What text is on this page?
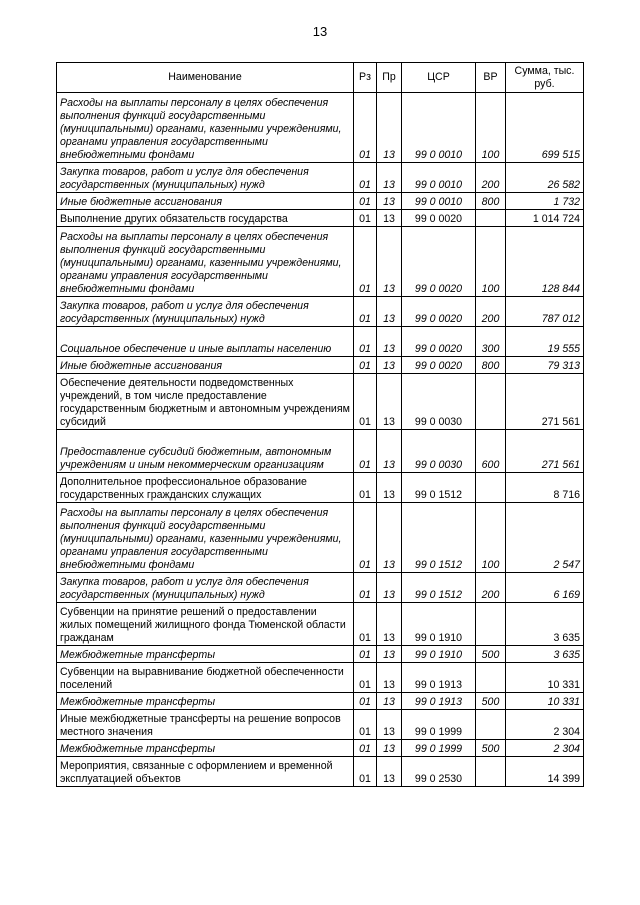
13
Наименование	Рз	Пр	ЦСР	ВР	Сумма, тыс. руб.
Расходы на выплаты персоналу в целях обеспечения выполнения функций государственными (муниципальными) органами, казенными учреждениями, органами управления государственными внебюджетными фондами	01	13	99 0 0010	100	699 515
Закупка товаров, работ и услуг для обеспечения государственных (муниципальных) нужд	01	13	99 0 0010	200	26 582
Иные бюджетные ассигнования	01	13	99 0 0010	800	1 732
Выполнение других обязательств государства	01	13	99 0 0020		1 014 724
Расходы на выплаты персоналу в целях обеспечения выполнения функций государственными (муниципальными) органами, казенными учреждениями, органами управления государственными внебюджетными фондами	01	13	99 0 0020	100	128 844
Закупка товаров, работ и услуг для обеспечения государственных (муниципальных) нужд	01	13	99 0 0020	200	787 012
Социальное обеспечение и иные выплаты населению	01	13	99 0 0020	300	19 555
Иные бюджетные ассигнования	01	13	99 0 0020	800	79 313
Обеспечение деятельности подведомственных учреждений, в том числе предоставление государственным бюджетным и автономным учреждениям субсидий	01	13	99 0 0030		271 561
Предоставление субсидий бюджетным, автономным учреждениям и иным некоммерческим организациям	01	13	99 0 0030	600	271 561
Дополнительное профессиональное образование государственных гражданских служащих	01	13	99 0 1512		8 716
Расходы на выплаты персоналу в целях обеспечения выполнения функций государственными (муниципальными) органами, казенными учреждениями, органами управления государственными внебюджетными фондами	01	13	99 0 1512	100	2 547
Закупка товаров, работ и услуг для обеспечения государственных (муниципальных) нужд	01	13	99 0 1512	200	6 169
Субвенции на принятие решений о предоставлении жилых помещений жилищного фонда Тюменской области гражданам	01	13	99 0 1910		3 635
Межбюджетные трансферты	01	13	99 0 1910	500	3 635
Субвенции на выравнивание бюджетной обеспеченности поселений	01	13	99 0 1913		10 331
Межбюджетные трансферты	01	13	99 0 1913	500	10 331
Иные межбюджетные трансферты на решение вопросов местного значения	01	13	99 0 1999		2 304
Межбюджетные трансферты	01	13	99 0 1999	500	2 304
Мероприятия, связанные с оформлением и временной эксплуатацией объектов	01	13	99 0 2530		14 399
